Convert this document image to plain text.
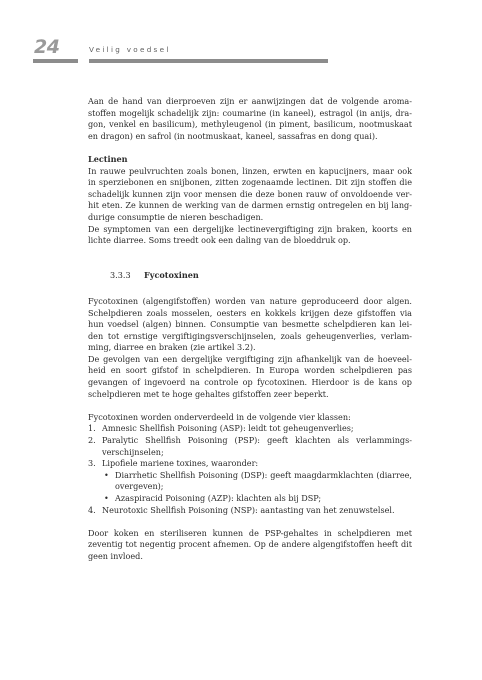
24	Veilig voedsel

Aan de hand van dierproeven zijn er aanwijzingen dat de volgende aromastoffen mogelijk schadelijk zijn: coumarine (in kaneel), estragol (in anijs, dragon, venkel en basilicum), methyleugenol (in piment, basilicum, nootmuskaat en dragon) en safrol (in nootmuskaat, kaneel, sassafras en dong quai).

Lectinen

In rauwe peulvruchten zoals bonen, linzen, erwten en kapucijners, maar ook in sperziebonen en snijbonen, zitten zogenaamde lectinen. Dit zijn stoffen die schadelijk kunnen zijn voor mensen die deze bonen rauw of onvoldoende verhit eten. Ze kunnen de werking van de darmen ernstig ontregelen en bij langdurige consumptie de nieren beschadigen.

De symptomen van een dergelijke lectinevergiftiging zijn braken, koorts en lichte diarree. Soms treedt ook een daling van de bloeddruk op.

3.3.3 Fycotoxinen

Fycotoxinen (algengifstoffen) worden van nature geproduceerd door algen. Schelpdieren zoals mosselen, oesters en kokkels krijgen deze gifstoffen via hun voedsel (algen) binnen. Consumptie van besmette schelpdieren kan leiden tot ernstige vergiftigingsverschijnselen, zoals geheugenverlies, verlamming, diarree en braken (zie artikel 3.2).

De gevolgen van een dergelijke vergiftiging zijn afhankelijk van de hoeveelheid en soort gifstof in schelpdieren. In Europa worden schelpdieren pas gevangen of ingevoerd na controle op fycotoxinen. Hierdoor is de kans op schelpdieren met te hoge gehaltes gifstoffen zeer beperkt.

Fycotoxinen worden onderverdeeld in de volgende vier klassen:

1. Amnesic Shellfish Poisoning (ASP): leidt tot geheugenverlies;
2. Paralytic Shellfish Poisoning (PSP): geeft klachten als verlammingsverschijnselen;
3. Lipofiele mariene toxines, waaronder:
• Diarrhetic Shellfish Poisoning (DSP): geeft maagdarmklachten (diarree, overgeven);
• Azaspiracid Poisoning (AZP): klachten als bij DSP;
4. Neurotoxic Shellfish Poisoning (NSP): aantasting van het zenuwstelsel.

Door koken en steriliseren kunnen de PSP-gehaltes in schelpdieren met zeventig tot negentig procent afnemen. Op de andere algengifstoffen heeft dit geen invloed.
